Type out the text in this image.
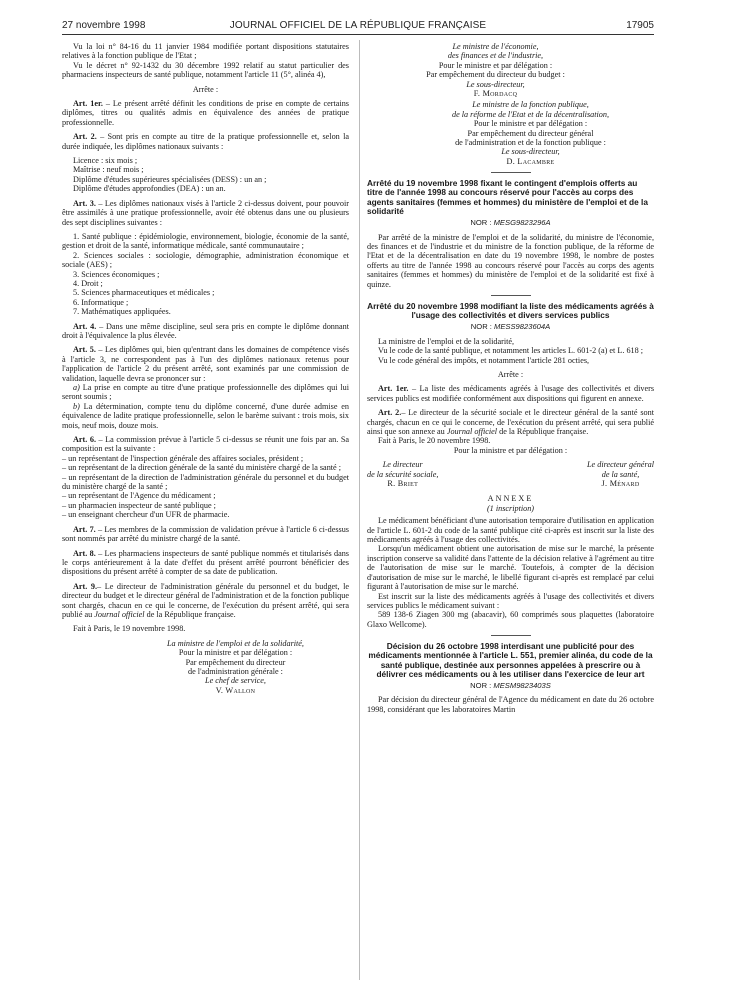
27 novembre 1998	JOURNAL OFFICIEL DE LA RÉPUBLIQUE FRANÇAISE	17905

Vu la loi n° 84-16 du 11 janvier 1984 modifiée portant dispositions statutaires relatives à la fonction publique de l'Etat ;

Vu le décret n° 92-1432 du 30 décembre 1992 relatif au statut particulier des pharmaciens inspecteurs de santé publique, notamment l'article 11 (5°, alinéa 4),

Arrête :

Art. 1er. – Le présent arrêté définit les conditions de prise en compte de certains diplômes, titres ou qualités admis en équivalence des années de pratique professionnelle.

Art. 2. – Sont pris en compte au titre de la pratique professionnelle et, selon la durée indiquée, les diplômes nationaux suivants :

Licence : six mois ;

Maîtrise : neuf mois ;

Diplôme d'études supérieures spécialisées (DESS) : un an ;

Diplôme d'études approfondies (DEA) : un an.

Art. 3. – Les diplômes nationaux visés à l'article 2 ci-dessus doivent, pour pouvoir être assimilés à une pratique professionnelle, avoir été obtenus dans une ou plusieurs des sept disciplines suivantes :

1. Santé publique : épidémiologie, environnement, biologie, économie de la santé, gestion et droit de la santé, informatique médicale, santé communautaire ;

2. Sciences sociales : sociologie, démographie, administration économique et sociale (AES) ;

3. Sciences économiques ;

4. Droit ;

5. Sciences pharmaceutiques et médicales ;

6. Informatique ;

7. Mathématiques appliquées.

Art. 4. – Dans une même discipline, seul sera pris en compte le diplôme donnant droit à l'équivalence la plus élevée.

Art. 5. – Les diplômes qui, bien qu'entrant dans les domaines de compétence visés à l'article 3, ne correspondent pas à l'un des diplômes nationaux retenus pour l'application de l'article 2 du présent arrêté, sont examinés par une commission de validation, laquelle devra se prononcer sur :

a) La prise en compte au titre d'une pratique professionnelle des diplômes qui lui seront soumis ;

b) La détermination, compte tenu du diplôme concerné, d'une durée admise en équivalence de ladite pratique professionnelle, selon le barème suivant : trois mois, six mois, neuf mois, douze mois.

Art. 6. – La commission prévue à l'article 5 ci-dessus se réunit une fois par an. Sa composition est la suivante :

– un représentant de l'inspection générale des affaires sociales, président ;

– un représentant de la direction générale de la santé du ministère chargé de la santé ;

– un représentant de la direction de l'administration générale du personnel et du budget du ministère chargé de la santé ;

– un représentant de l'Agence du médicament ;

– un pharmacien inspecteur de santé publique ;

– un enseignant chercheur d'un UFR de pharmacie.

Art. 7. – Les membres de la commission de validation prévue à l'article 6 ci-dessus sont nommés par arrêté du ministre chargé de la santé.

Art. 8. – Les pharmaciens inspecteurs de santé publique nommés et titularisés dans le corps antérieurement à la date d'effet du présent arrêté pourront bénéficier des dispositions du présent arrêté à compter de sa date de publication.

Art. 9.– Le directeur de l'administration générale du personnel et du budget, le directeur du budget et le directeur général de l'administration et de la fonction publique sont chargés, chacun en ce qui le concerne, de l'exécution du présent arrêté, qui sera publié au Journal officiel de la République française.

Fait à Paris, le 19 novembre 1998.

La ministre de l'emploi et de la solidarité,

Pour la ministre et par délégation :

Par empêchement du directeur

de l'administration générale :

Le chef de service,

V. Wallon

Le ministre de l'économie,

des finances et de l'industrie,

Pour le ministre et par délégation :

Par empêchement du directeur du budget :

Le sous-directeur,

F. Mordacq

Le ministre de la fonction publique,

de la réforme de l'Etat et de la décentralisation,

Pour le ministre et par délégation :

Par empêchement du directeur général

de l'administration et de la fonction publique :

Le sous-directeur,

D. Lacambre

Arrêté du 19 novembre 1998 fixant le contingent d'emplois offerts au titre de l'année 1998 au concours réservé pour l'accès au corps des agents sanitaires (femmes et hommes) du ministère de l'emploi et de la solidarité

NOR : MESG9823296A

Par arrêté de la ministre de l'emploi et de la solidarité, du ministre de l'économie, des finances et de l'industrie et du ministre de la fonction publique, de la réforme de l'Etat et de la décentralisation en date du 19 novembre 1998, le nombre de postes offerts au titre de l'année 1998 au concours réservé pour l'accès au corps des agents sanitaires (femmes et hommes) du ministère de l'emploi et de la solidarité est fixé à quinze.

Arrêté du 20 novembre 1998 modifiant la liste des médicaments agréés à l'usage des collectivités et divers services publics

NOR : MESS9823604A

La ministre de l'emploi et de la solidarité,

Vu le code de la santé publique, et notamment les articles L. 601-2 (a) et L. 618 ;

Vu le code général des impôts, et notamment l'article 281 octies,

Arrête :

Art. 1er. – La liste des médicaments agréés à l'usage des collectivités et divers services publics est modifiée conformément aux dispositions qui figurent en annexe.

Art. 2.– Le directeur de la sécurité sociale et le directeur général de la santé sont chargés, chacun en ce qui le concerne, de l'exécution du présent arrêté, qui sera publié ainsi que son annexe au Journal officiel de la République française.

Fait à Paris, le 20 novembre 1998.

Pour la ministre et par délégation :

Le directeur

de la sécurité sociale,

R. Briet

Le directeur général

de la santé,

J. Ménard

ANNEXE

(1 inscription)

Le médicament bénéficiant d'une autorisation temporaire d'utilisation en application de l'article L. 601-2 du code de la santé publique cité ci-après est inscrit sur la liste des médicaments agréés à l'usage des collectivités.

Lorsqu'un médicament obtient une autorisation de mise sur le marché, la présente inscription conserve sa validité dans l'attente de la décision relative à l'agrément au titre de l'autorisation de mise sur le marché. Toutefois, à compter de la décision d'autorisation de mise sur le marché, le libellé figurant ci-après est remplacé par celui figurant à l'autorisation de mise sur le marché.

Est inscrit sur la liste des médicaments agréés à l'usage des collectivités et divers services publics le médicament suivant :

589 138-6 Ziagen 300 mg (abacavir), 60 comprimés sous plaquettes (laboratoire Glaxo Wellcome).

Décision du 26 octobre 1998 interdisant une publicité pour des médicaments mentionnée à l'article L. 551, premier alinéa, du code de la santé publique, destinée aux personnes appelées à prescrire ou à délivrer ces médicaments ou à les utiliser dans l'exercice de leur art

NOR : MESM9823403S

Par décision du directeur général de l'Agence du médicament en date du 26 octobre 1998, considérant que les laboratoires Martin
